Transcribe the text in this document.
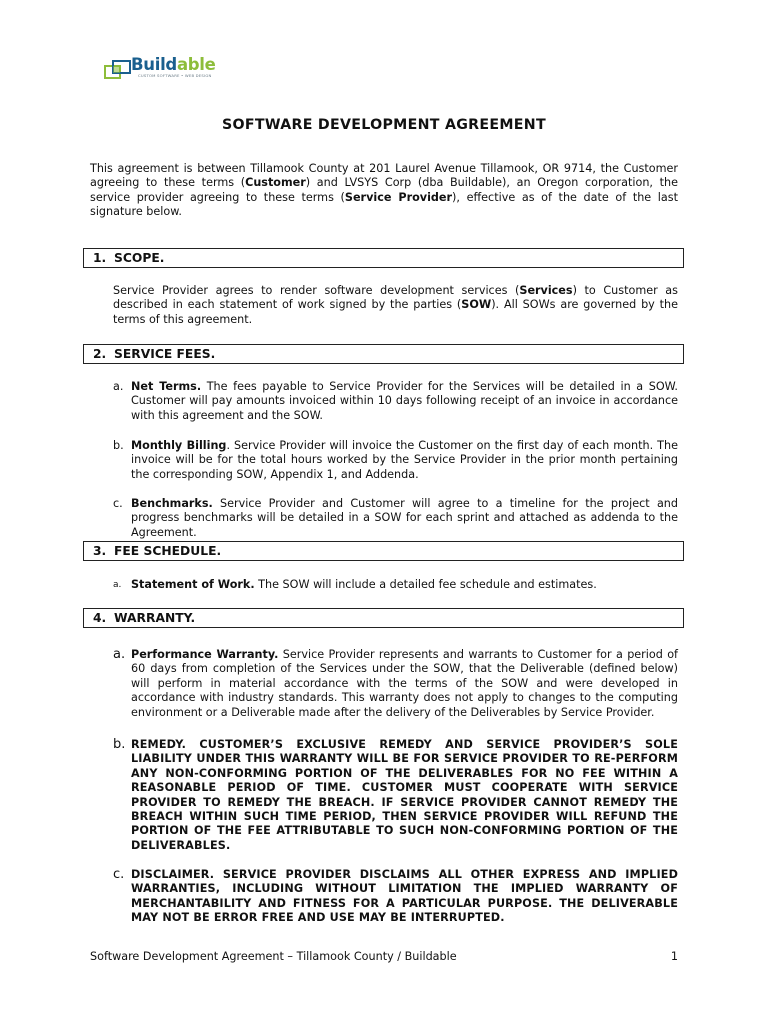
Buildable
CUSTOM SOFTWARE • WEB DESIGN
SOFTWARE DEVELOPMENT AGREEMENT

This agreement is between Tillamook County at 201 Laurel Avenue Tillamook, OR 9714, the Customer agreeing to these terms (Customer) and LVSYS Corp (dba Buildable), an Oregon corporation, the service provider agreeing to these terms (Service Provider), effective as of the date of the last signature below.

1. SCOPE.

Service Provider agrees to render software development services (Services) to Customer as described in each statement of work signed by the parties (SOW). All SOWs are governed by the terms of this agreement.

2. SERVICE FEES.
a. Net Terms. The fees payable to Service Provider for the Services will be detailed in a SOW. Customer will pay amounts invoiced within 10 days following receipt of an invoice in accordance with this agreement and the SOW.

b. Monthly Billing. Service Provider will invoice the Customer on the first day of each month. The invoice will be for the total hours worked by the Service Provider in the prior month pertaining the corresponding SOW, Appendix 1, and Addenda.

c. Benchmarks. Service Provider and Customer will agree to a timeline for the project and progress benchmarks will be detailed in a SOW for each sprint and attached as addenda to the Agreement.

3. FEE SCHEDULE.
a. Statement of Work. The SOW will include a detailed fee schedule and estimates.

4. WARRANTY.
a. Performance Warranty. Service Provider represents and warrants to Customer for a period of 60 days from completion of the Services under the SOW, that the Deliverable (defined below) will perform in material accordance with the terms of the SOW and were developed in accordance with industry standards. This warranty does not apply to changes to the computing environment or a Deliverable made after the delivery of the Deliverables by Service Provider.

b. REMEDY. CUSTOMER’S EXCLUSIVE REMEDY AND SERVICE PROVIDER’S SOLE LIABILITY UNDER THIS WARRANTY WILL BE FOR SERVICE PROVIDER TO RE-PERFORM ANY NON-CONFORMING PORTION OF THE DELIVERABLES FOR NO FEE WITHIN A REASONABLE PERIOD OF TIME. CUSTOMER MUST COOPERATE WITH SERVICE PROVIDER TO REMEDY THE BREACH. IF SERVICE PROVIDER CANNOT REMEDY THE BREACH WITHIN SUCH TIME PERIOD, THEN SERVICE PROVIDER WILL REFUND THE PORTION OF THE FEE ATTRIBUTABLE TO SUCH NON-CONFORMING PORTION OF THE DELIVERABLES.

c. DISCLAIMER. SERVICE PROVIDER DISCLAIMS ALL OTHER EXPRESS AND IMPLIED WARRANTIES, INCLUDING WITHOUT LIMITATION THE IMPLIED WARRANTY OF MERCHANTABILITY AND FITNESS FOR A PARTICULAR PURPOSE. THE DELIVERABLE MAY NOT BE ERROR FREE AND USE MAY BE INTERRUPTED.

Software Development Agreement – Tillamook County / Buildable	1
